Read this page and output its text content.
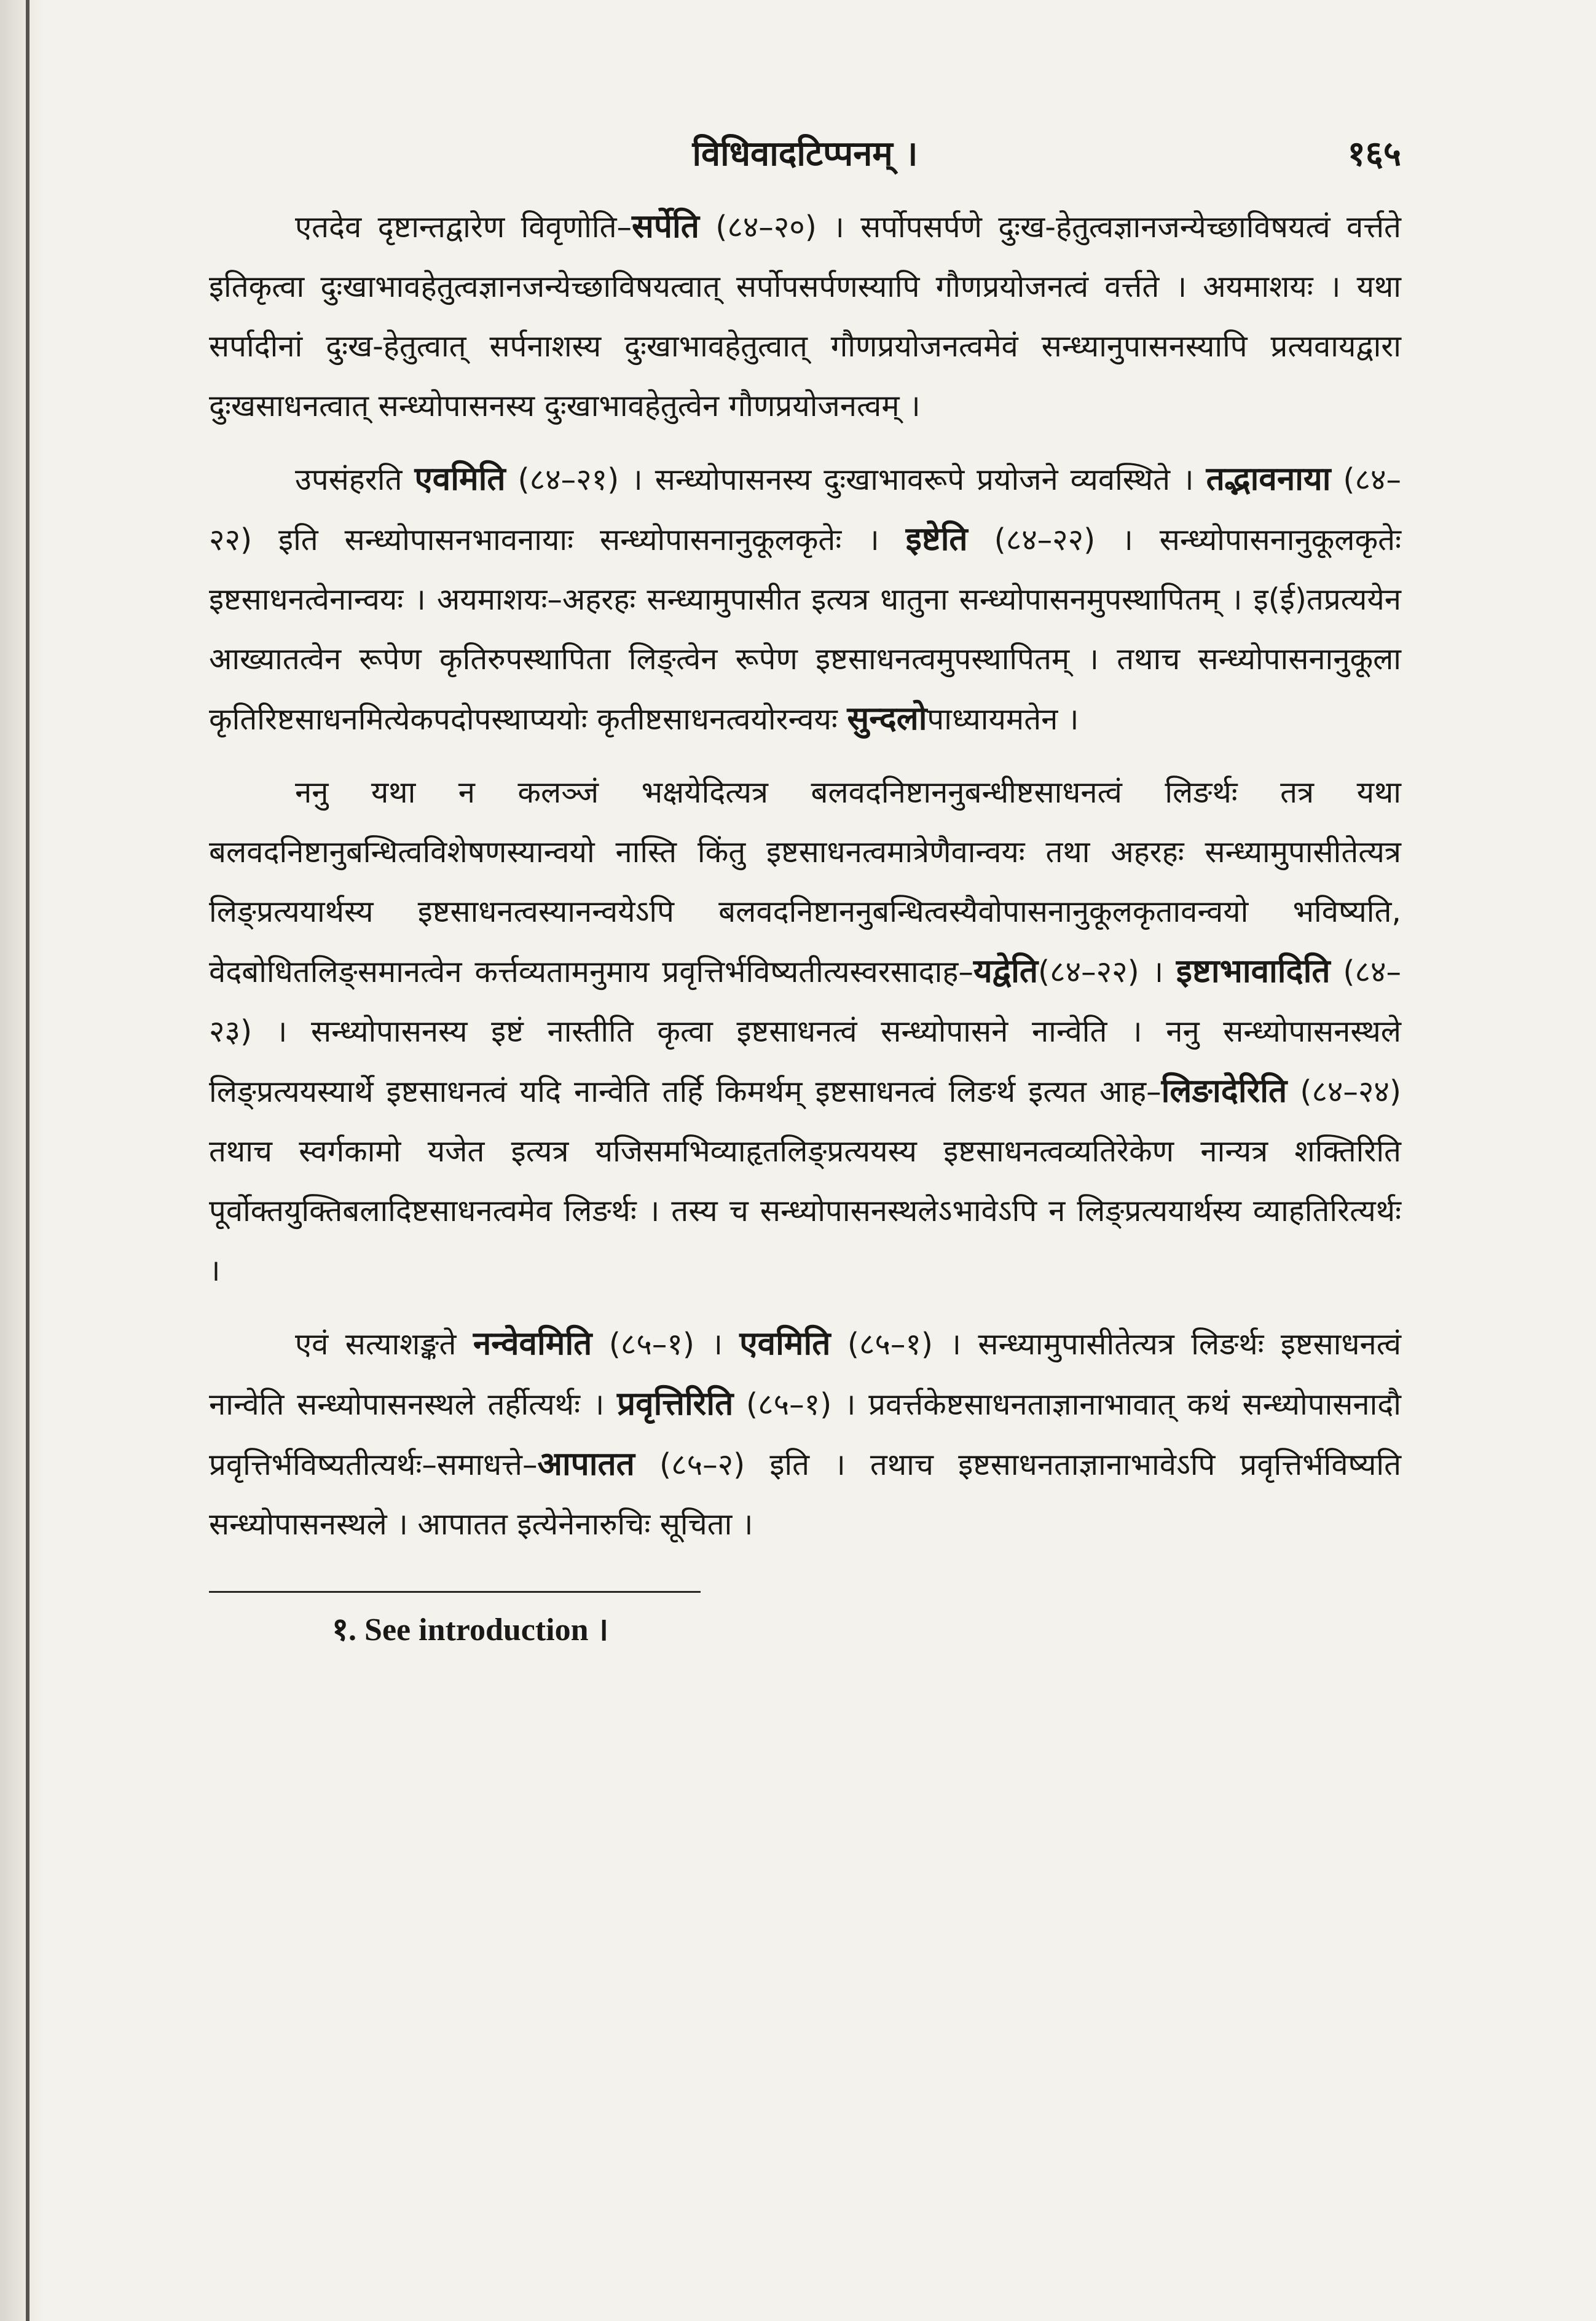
विधिवादटिप्पनम् ।	१६५

एतदेव दृष्टान्तद्वारेण विवृणोति–सर्पेति (८४–२०) । सर्पोपसर्पणे दुःख-हेतुत्वज्ञानजन्येच्छाविषयत्वं वर्त्तते इतिकृत्वा दुःखाभावहेतुत्वज्ञानजन्येच्छाविषयत्वात् सर्पोपसर्पणस्यापि गौणप्रयोजनत्वं वर्त्तते । अयमाशयः । यथा सर्पादीनां दुःख-हेतुत्वात् सर्पनाशस्य दुःखाभावहेतुत्वात् गौणप्रयोजनत्वमेवं सन्ध्यानुपासनस्यापि प्रत्यवायद्वारा दुःखसाधनत्वात् सन्ध्योपासनस्य दुःखाभावहेतुत्वेन गौणप्रयोजनत्वम् ।

उपसंहरति एवमिति (८४–२१) । सन्ध्योपासनस्य दुःखाभावरूपे प्रयोजने व्यवस्थिते । तद्भावनाया (८४–२२) इति सन्ध्योपासनभावनायाः सन्ध्योपासनानुकूलकृतेः । इष्टेति (८४–२२) । सन्ध्योपासनानुकूलकृतेः इष्टसाधनत्वेनान्वयः । अयमाशयः–अहरहः सन्ध्यामुपासीत इत्यत्र धातुना सन्ध्योपासनमुपस्थापितम् । इ(ई)तप्रत्ययेन आख्यातत्वेन रूपेण कृतिरुपस्थापिता लिङ्त्वेन रूपेण इष्टसाधनत्वमुपस्थापितम् । तथाच सन्ध्योपासनानुकूला कृतिरिष्टसाधनमित्येकपदोपस्थाप्ययोः कृतीष्टसाधनत्वयोरन्वयः सुन्दलोपाध्यायमतेन ।

ननु यथा न कलञ्जं भक्षयेदित्यत्र बलवदनिष्टाननुबन्धीष्टसाधनत्वं लिङर्थः तत्र यथा बलवदनिष्टानुबन्धित्वविशेषणस्यान्वयो नास्ति किंतु इष्टसाधनत्वमात्रेणैवान्वयः तथा अहरहः सन्ध्यामुपासीतेत्यत्र लिङ्प्रत्ययार्थस्य इष्टसाधनत्वस्यानन्वयेऽपि बलवदनिष्टाननुबन्धित्वस्यैवोपासनानुकूलकृतावन्वयो भविष्यति, वेदबोधितलिङ्समानत्वेन कर्त्तव्यतामनुमाय प्रवृत्तिर्भविष्यतीत्यस्वरसादाह–यद्वेति(८४–२२) । इष्टाभावादिति (८४–२३) । सन्ध्योपासनस्य इष्टं नास्तीति कृत्वा इष्टसाधनत्वं सन्ध्योपासने नान्वेति । ननु सन्ध्योपासनस्थले लिङ्प्रत्ययस्यार्थे इष्टसाधनत्वं यदि नान्वेति तर्हि किमर्थम् इष्टसाधनत्वं लिङर्थ इत्यत आह–लिङादेरिति (८४–२४) तथाच स्वर्गकामो यजेत इत्यत्र यजिसमभिव्याहृतलिङ्प्रत्ययस्य इष्टसाधनत्वव्यतिरेकेण नान्यत्र शक्तिरिति पूर्वोक्तयुक्तिबलादिष्टसाधनत्वमेव लिङर्थः । तस्य च सन्ध्योपासनस्थलेऽभावेऽपि न लिङ्प्रत्ययार्थस्य व्याहतिरित्यर्थः ।

एवं सत्याशङ्कते नन्वेवमिति (८५–१) । एवमिति (८५–१) । सन्ध्यामुपासीतेत्यत्र लिङर्थः इष्टसाधनत्वं नान्वेति सन्ध्योपासनस्थले तर्हीत्यर्थः । प्रवृत्तिरिति (८५–१) । प्रवर्त्तकेष्टसाधनताज्ञानाभावात् कथं सन्ध्योपासनादौ प्रवृत्तिर्भविष्यतीत्यर्थः–समाधत्ते–आपातत (८५–२) इति । तथाच इष्टसाधनताज्ञानाभावेऽपि प्रवृत्तिर्भविष्यति सन्ध्योपासनस्थले । आपातत इत्येनेनारुचिः सूचिता ।

१. See introduction ।
